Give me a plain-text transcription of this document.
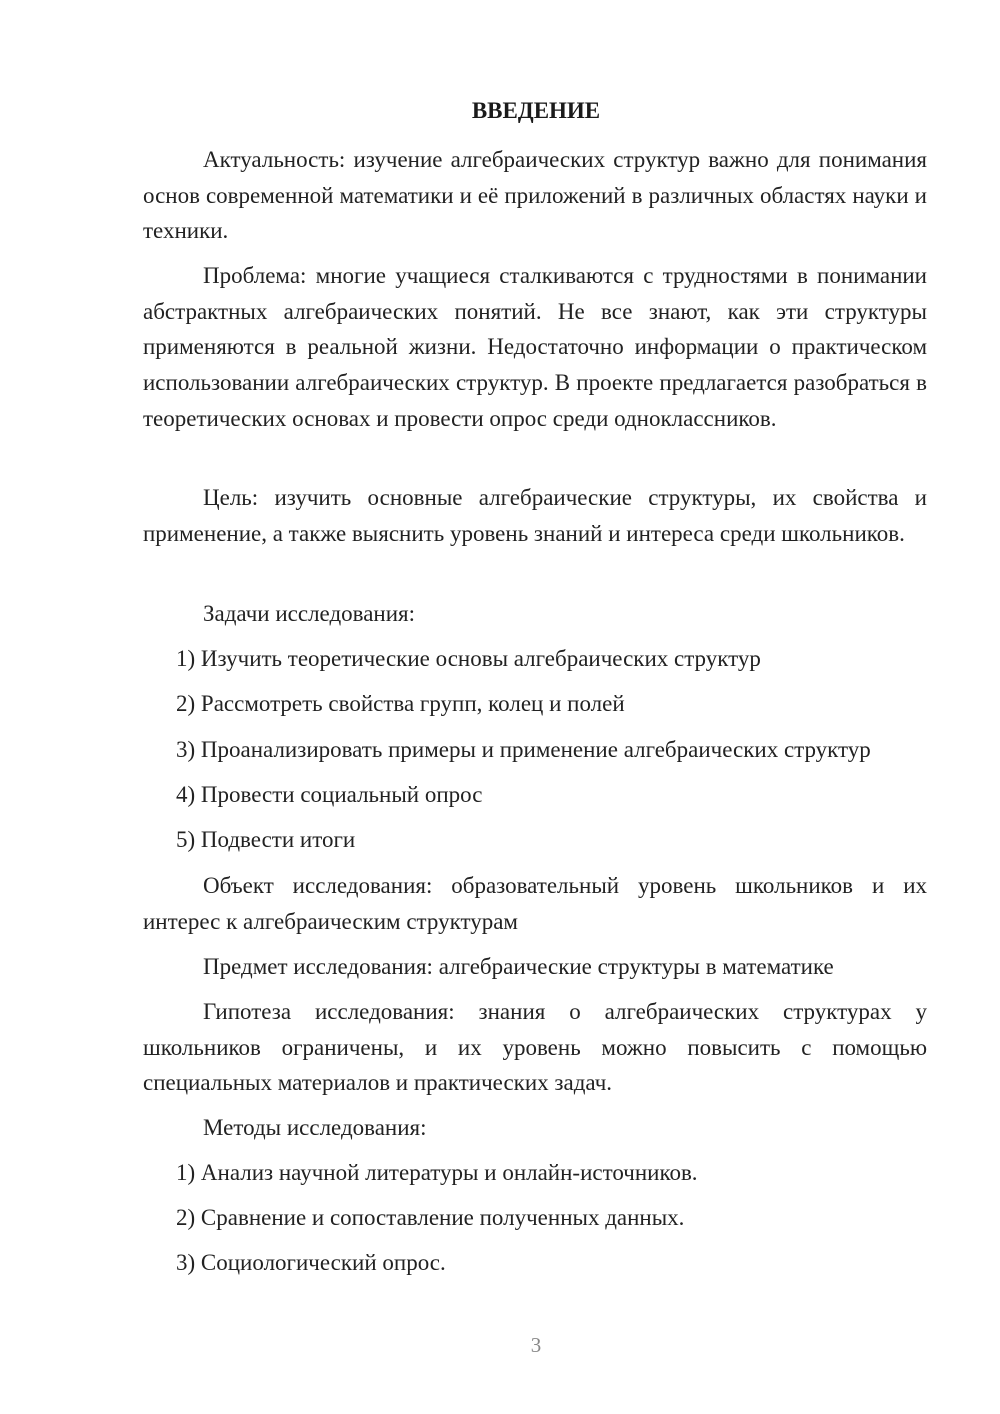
ВВЕДЕНИЕ

Актуальность: изучение алгебраических структур важно для понимания основ современной математики и её приложений в различных областях науки и техники.

Проблема: многие учащиеся сталкиваются с трудностями в понимании абстрактных алгебраических понятий. Не все знают, как эти структуры применяются в реальной жизни. Недостаточно информации о практическом использовании алгебраических структур. В проекте предлагается разобраться в теоретических основах и провести опрос среди одноклассников.

Цель: изучить основные алгебраические структуры, их свойства и применение, а также выяснить уровень знаний и интереса среди школьников.

Задачи исследования:

1) Изучить теоретические основы алгебраических структур
2) Рассмотреть свойства групп, колец и полей
3) Проанализировать примеры и применение алгебраических структур
4) Провести социальный опрос
5) Подвести итоги

Объект исследования: образовательный уровень школьников и их интерес к алгебраическим структурам

Предмет исследования: алгебраические структуры в математике

Гипотеза исследования: знания о алгебраических структурах у школьников ограничены, и их уровень можно повысить с помощью специальных материалов и практических задач.

Методы исследования:

1) Анализ научной литературы и онлайн-источников.
2) Сравнение и сопоставление полученных данных.
3) Социологический опрос.
3
